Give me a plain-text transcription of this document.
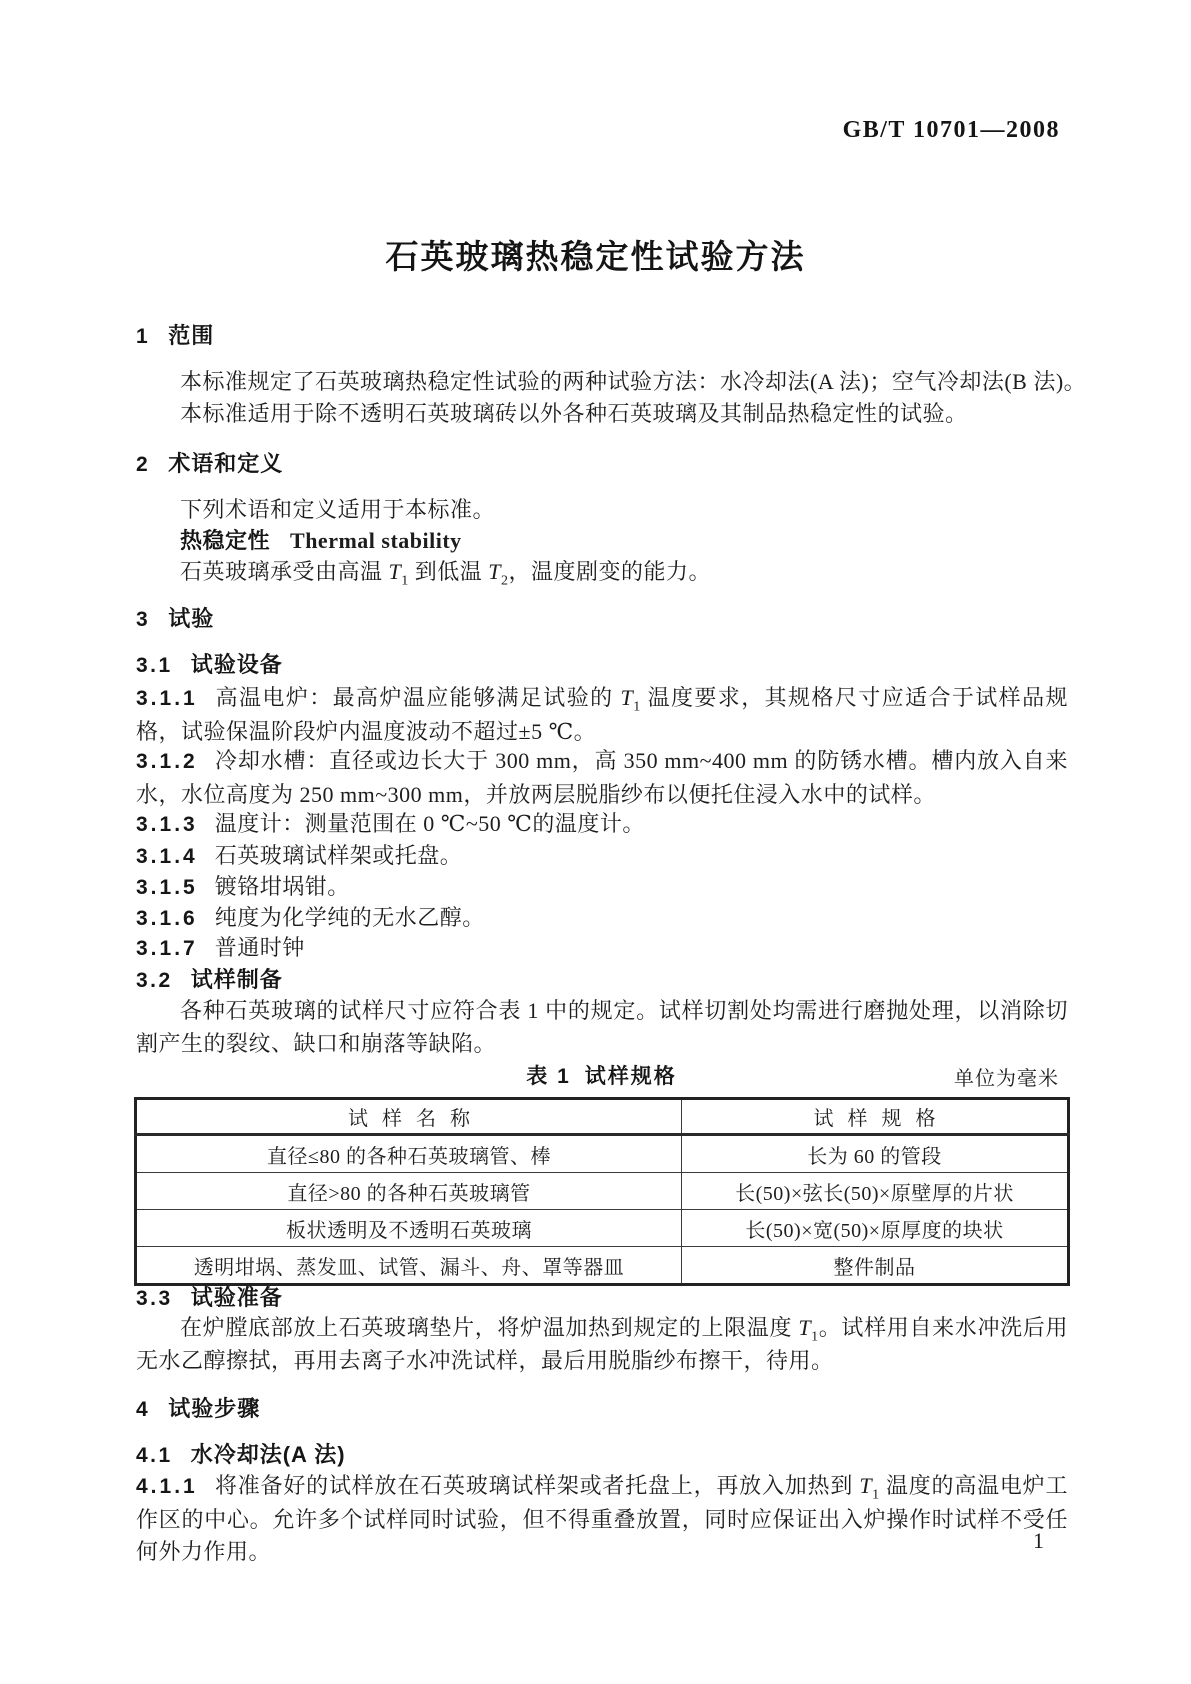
GB/T 10701—2008
石英玻璃热稳定性试验方法
1 范围

本标准规定了石英玻璃热稳定性试验的两种试验方法：水冷却法(A 法)；空气冷却法(B 法)。

本标准适用于除不透明石英玻璃砖以外各种石英玻璃及其制品热稳定性的试验。

2 术语和定义

下列术语和定义适用于本标准。

热稳定性 Thermal stability

石英玻璃承受由高温 $T_1$ 到低温 $T_2$，温度剧变的能力。

3 试验
3.1 试验设备

3.1.1 高温电炉：最高炉温应能够满足试验的 $T_1$ 温度要求，其规格尺寸应适合于试样品规格，试验保温阶段炉内温度波动不超过±5 ℃。

3.1.2 冷却水槽：直径或边长大于 300 mm，高 350 mm~400 mm 的防锈水槽。槽内放入自来水，水位高度为 250 mm~300 mm，并放两层脱脂纱布以便托住浸入水中的试样。

3.1.3 温度计：测量范围在 0 ℃~50 ℃的温度计。

3.1.4 石英玻璃试样架或托盘。

3.1.5 镀铬坩埚钳。

3.1.6 纯度为化学纯的无水乙醇。

3.1.7 普通时钟

3.2 试样制备

各种石英玻璃的试样尺寸应符合表 1 中的规定。试样切割处均需进行磨抛处理，以消除切割产生的裂纹、缺口和崩落等缺陷。

表 1 试样规格	单位为毫米
试样名称	试样规格
直径≤80 的各种石英玻璃管、棒	长为 60 的管段
直径>80 的各种石英玻璃管	长(50)×弦长(50)×原壁厚的片状
板状透明及不透明石英玻璃	长(50)×宽(50)×原厚度的块状
透明坩埚、蒸发皿、试管、漏斗、舟、罩等器皿	整件制品
3.3 试验准备

在炉膛底部放上石英玻璃垫片，将炉温加热到规定的上限温度 $T_1$。试样用自来水冲洗后用无水乙醇擦拭，再用去离子水冲洗试样，最后用脱脂纱布擦干，待用。

4 试验步骤
4.1 水冷却法(A 法)

4.1.1 将准备好的试样放在石英玻璃试样架或者托盘上，再放入加热到 $T_1$ 温度的高温电炉工作区的中心。允许多个试样同时试验，但不得重叠放置，同时应保证出入炉操作时试样不受任何外力作用。	1
